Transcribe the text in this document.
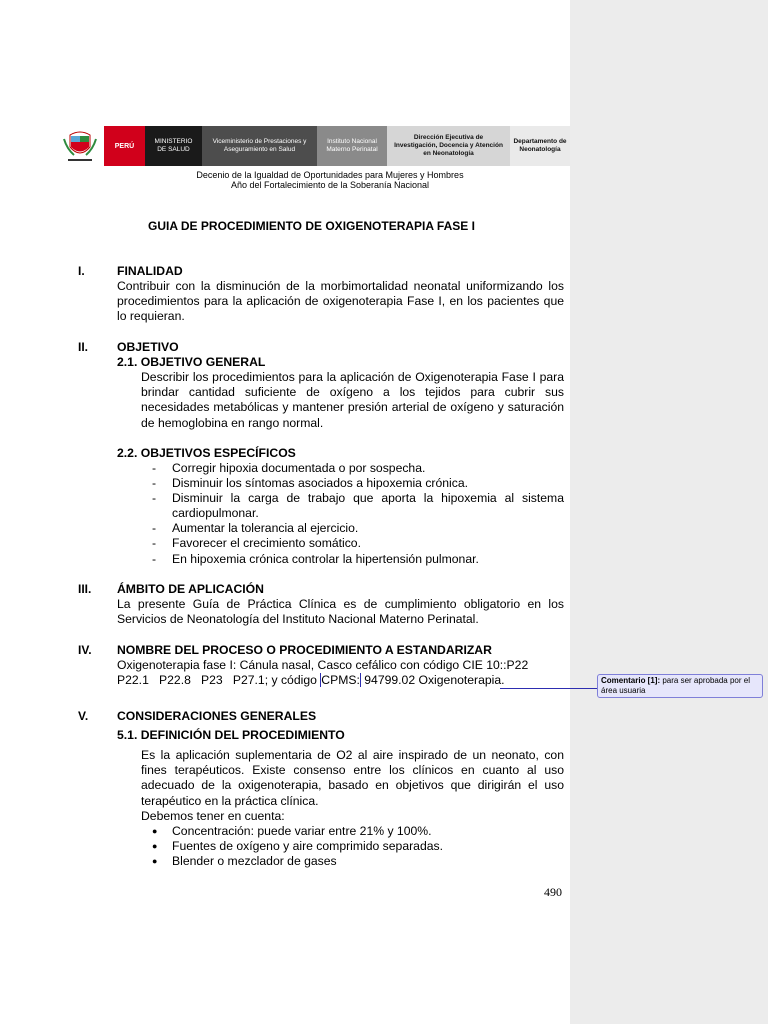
PERÚ
MINISTERIO
DE SALUD
Viceministerio de Prestaciones y
Aseguramiento en Salud
Instituto Nacional
Materno Perinatal
Dirección Ejecutiva de
Investigación, Docencia y Atención
en Neonatología
Departamento de
Neonatología
Decenio de la Igualdad de Oportunidades para Mujeres y Hombres
Año del Fortalecimiento de la Soberanía Nacional
GUIA DE PROCEDIMIENTO DE OXIGENOTERAPIA FASE I
I.	FINALIDAD
Contribuir con la disminución de la morbimortalidad neonatal uniformizando los procedimientos para la aplicación de oxigenoterapia Fase I, en los pacientes que lo requieran.
II. OBJETIVO
2.1. OBJETIVO GENERAL
Describir los procedimientos para la aplicación de Oxigenoterapia Fase I para brindar cantidad suficiente de oxígeno a los tejidos para cubrir sus necesidades metabólicas y mantener presión arterial de oxígeno y saturación de hemoglobina en rango normal.
2.2. OBJETIVOS ESPECÍFICOS
- Corregir hipoxia documentada o por sospecha.
- Disminuir los síntomas asociados a hipoxemia crónica.
- Disminuir la carga de trabajo que aporta la hipoxemia al sistema cardiopulmonar.
- Aumentar la tolerancia al ejercicio.
- Favorecer el crecimiento somático.
- En hipoxemia crónica controlar la hipertensión pulmonar.
III. ÁMBITO DE APLICACIÓN
La presente Guía de Práctica Clínica es de cumplimiento obligatorio en los Servicios de Neonatología del Instituto Nacional Materno Perinatal.
IV. NOMBRE DEL PROCESO O PROCEDIMIENTO A ESTANDARIZAR
Oxigenoterapia fase I: Cánula nasal, Casco cefálico con código CIE 10::P22
P22.1   P22.8   P23   P27.1; y código CPMS: 94799.02 Oxigenoterapia.
V. CONSIDERACIONES GENERALES
5.1. DEFINICIÓN DEL PROCEDIMIENTO
Es la aplicación suplementaria de O2 al aire inspirado de un neonato, con fines terapéuticos. Existe consenso entre los clínicos en cuanto al uso adecuado de la oxigenoterapia, basado en objetivos que dirigirán el uso terapéutico en la práctica clínica.
Debemos tener en cuenta:
● Concentración: puede variar entre 21% y 100%.
● Fuentes de oxígeno y aire comprimido separadas.
● Blender o mezclador de gases
490
Comentario [1]: para ser aprobada por el área usuaria
